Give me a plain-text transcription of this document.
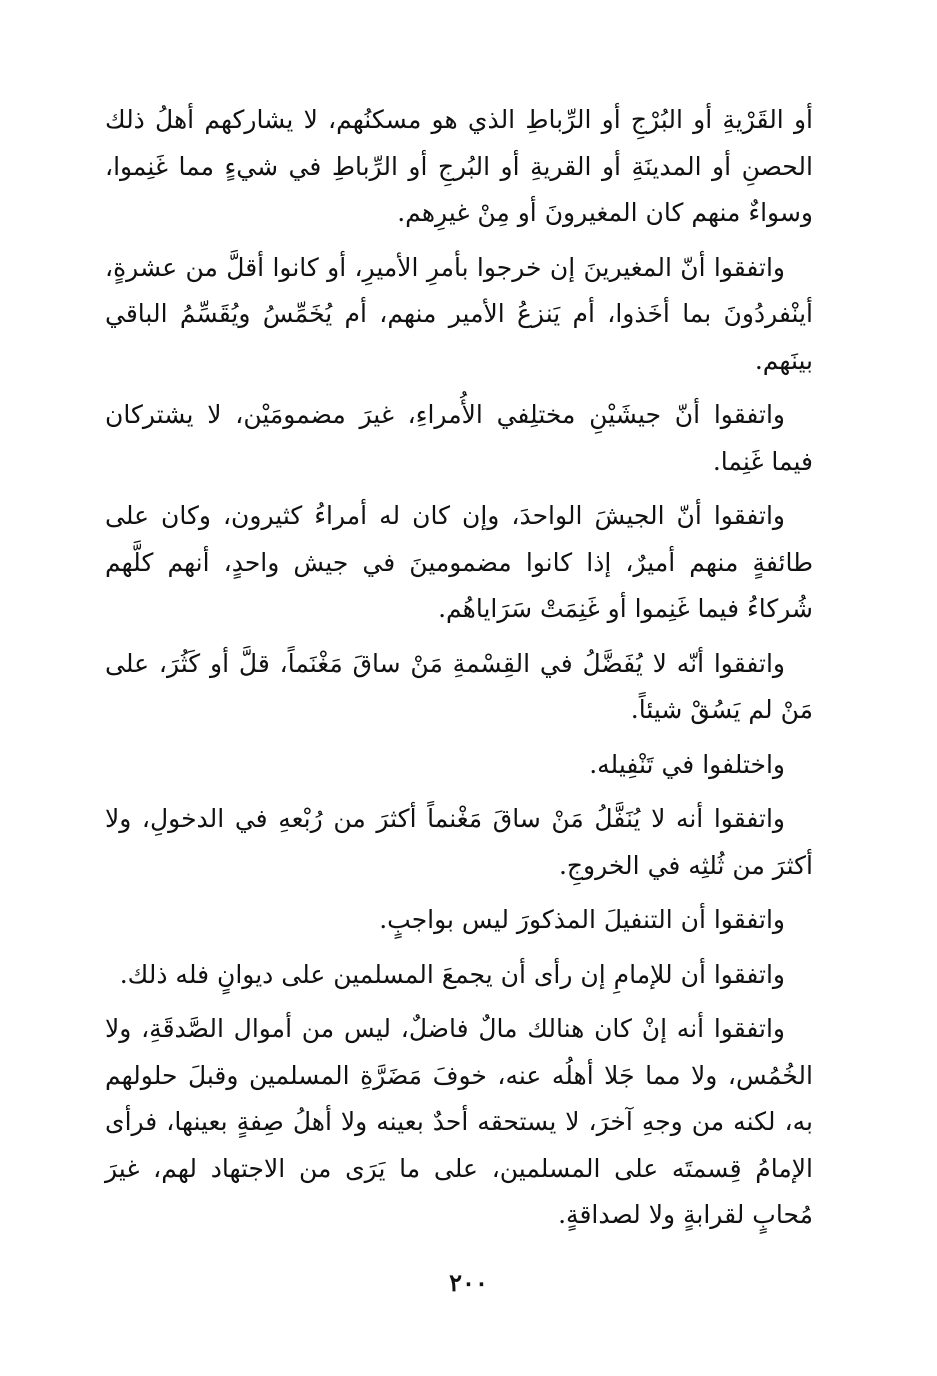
أو القَرْيةِ أو البُرْجِ أو الرِّباطِ الذي هو مسكنُهم، لا يشاركهم أهلُ ذلك الحصنِ أو المدينَةِ أو القريةِ أو البُرجِ أو الرِّباطِ في شيءٍ مما غَنِموا، وسواءٌ منهم كان المغيرونَ أو مِنْ غيرِهم.

واتفقوا أنّ المغيرينَ إن خرجوا بأمرِ الأميرِ، أو كانوا أقلَّ من عشرةٍ، أينْفردُونَ بما أخَذوا، أم يَنزعُ الأمير منهم، أم يُخَمِّسُ ويُقَسِّمُ الباقي بينَهم.

واتفقوا أنّ جيشَيْنِ مختلِفي الأُمراءِ، غيرَ مضمومَيْن، لا يشتركان فيما غَنِما.

واتفقوا أنّ الجيشَ الواحدَ، وإن كان له أمراءُ كثيرون، وكان على طائفةٍ منهم أميرٌ، إذا كانوا مضمومينَ في جيش واحدٍ، أنهم كلَّهم شُركاءُ فيما غَنِموا أو غَنِمَتْ سَرَاياهُم.

واتفقوا أنّه لا يُفَضَّلُ في القِسْمةِ مَنْ ساقَ مَغْنَماً، قلَّ أو كَثُرَ، على مَنْ لم يَسُقْ شيئاً.

واختلفوا في تَنْفِيله.

واتفقوا أنه لا يُنَفَّلُ مَنْ ساقَ مَغْنماً أكثرَ من رُبْعهِ في الدخولِ، ولا أكثرَ من ثُلثِه في الخروجِ.

واتفقوا أن التنفيلَ المذكورَ ليس بواجبٍ.

واتفقوا أن للإمامِ إن رأى أن يجمعَ المسلمين على ديوانٍ فله ذلك.

واتفقوا أنه إنْ كان هنالك مالٌ فاضلٌ، ليس من أموال الصَّدقَةِ، ولا الخُمُس، ولا مما جَلا أهلُه عنه، خوفَ مَضَرَّةِ المسلمين وقبلَ حلولهم به، لكنه من وجهِ آخرَ، لا يستحقه أحدٌ بعينه ولا أهلُ صِفةٍ بعينها، فرأى الإمامُ قِسمتَه على المسلمين، على ما يَرَى من الاجتهاد لهم، غيرَ مُحابٍ لقرابةٍ ولا لصداقةٍ.

٢٠٠
